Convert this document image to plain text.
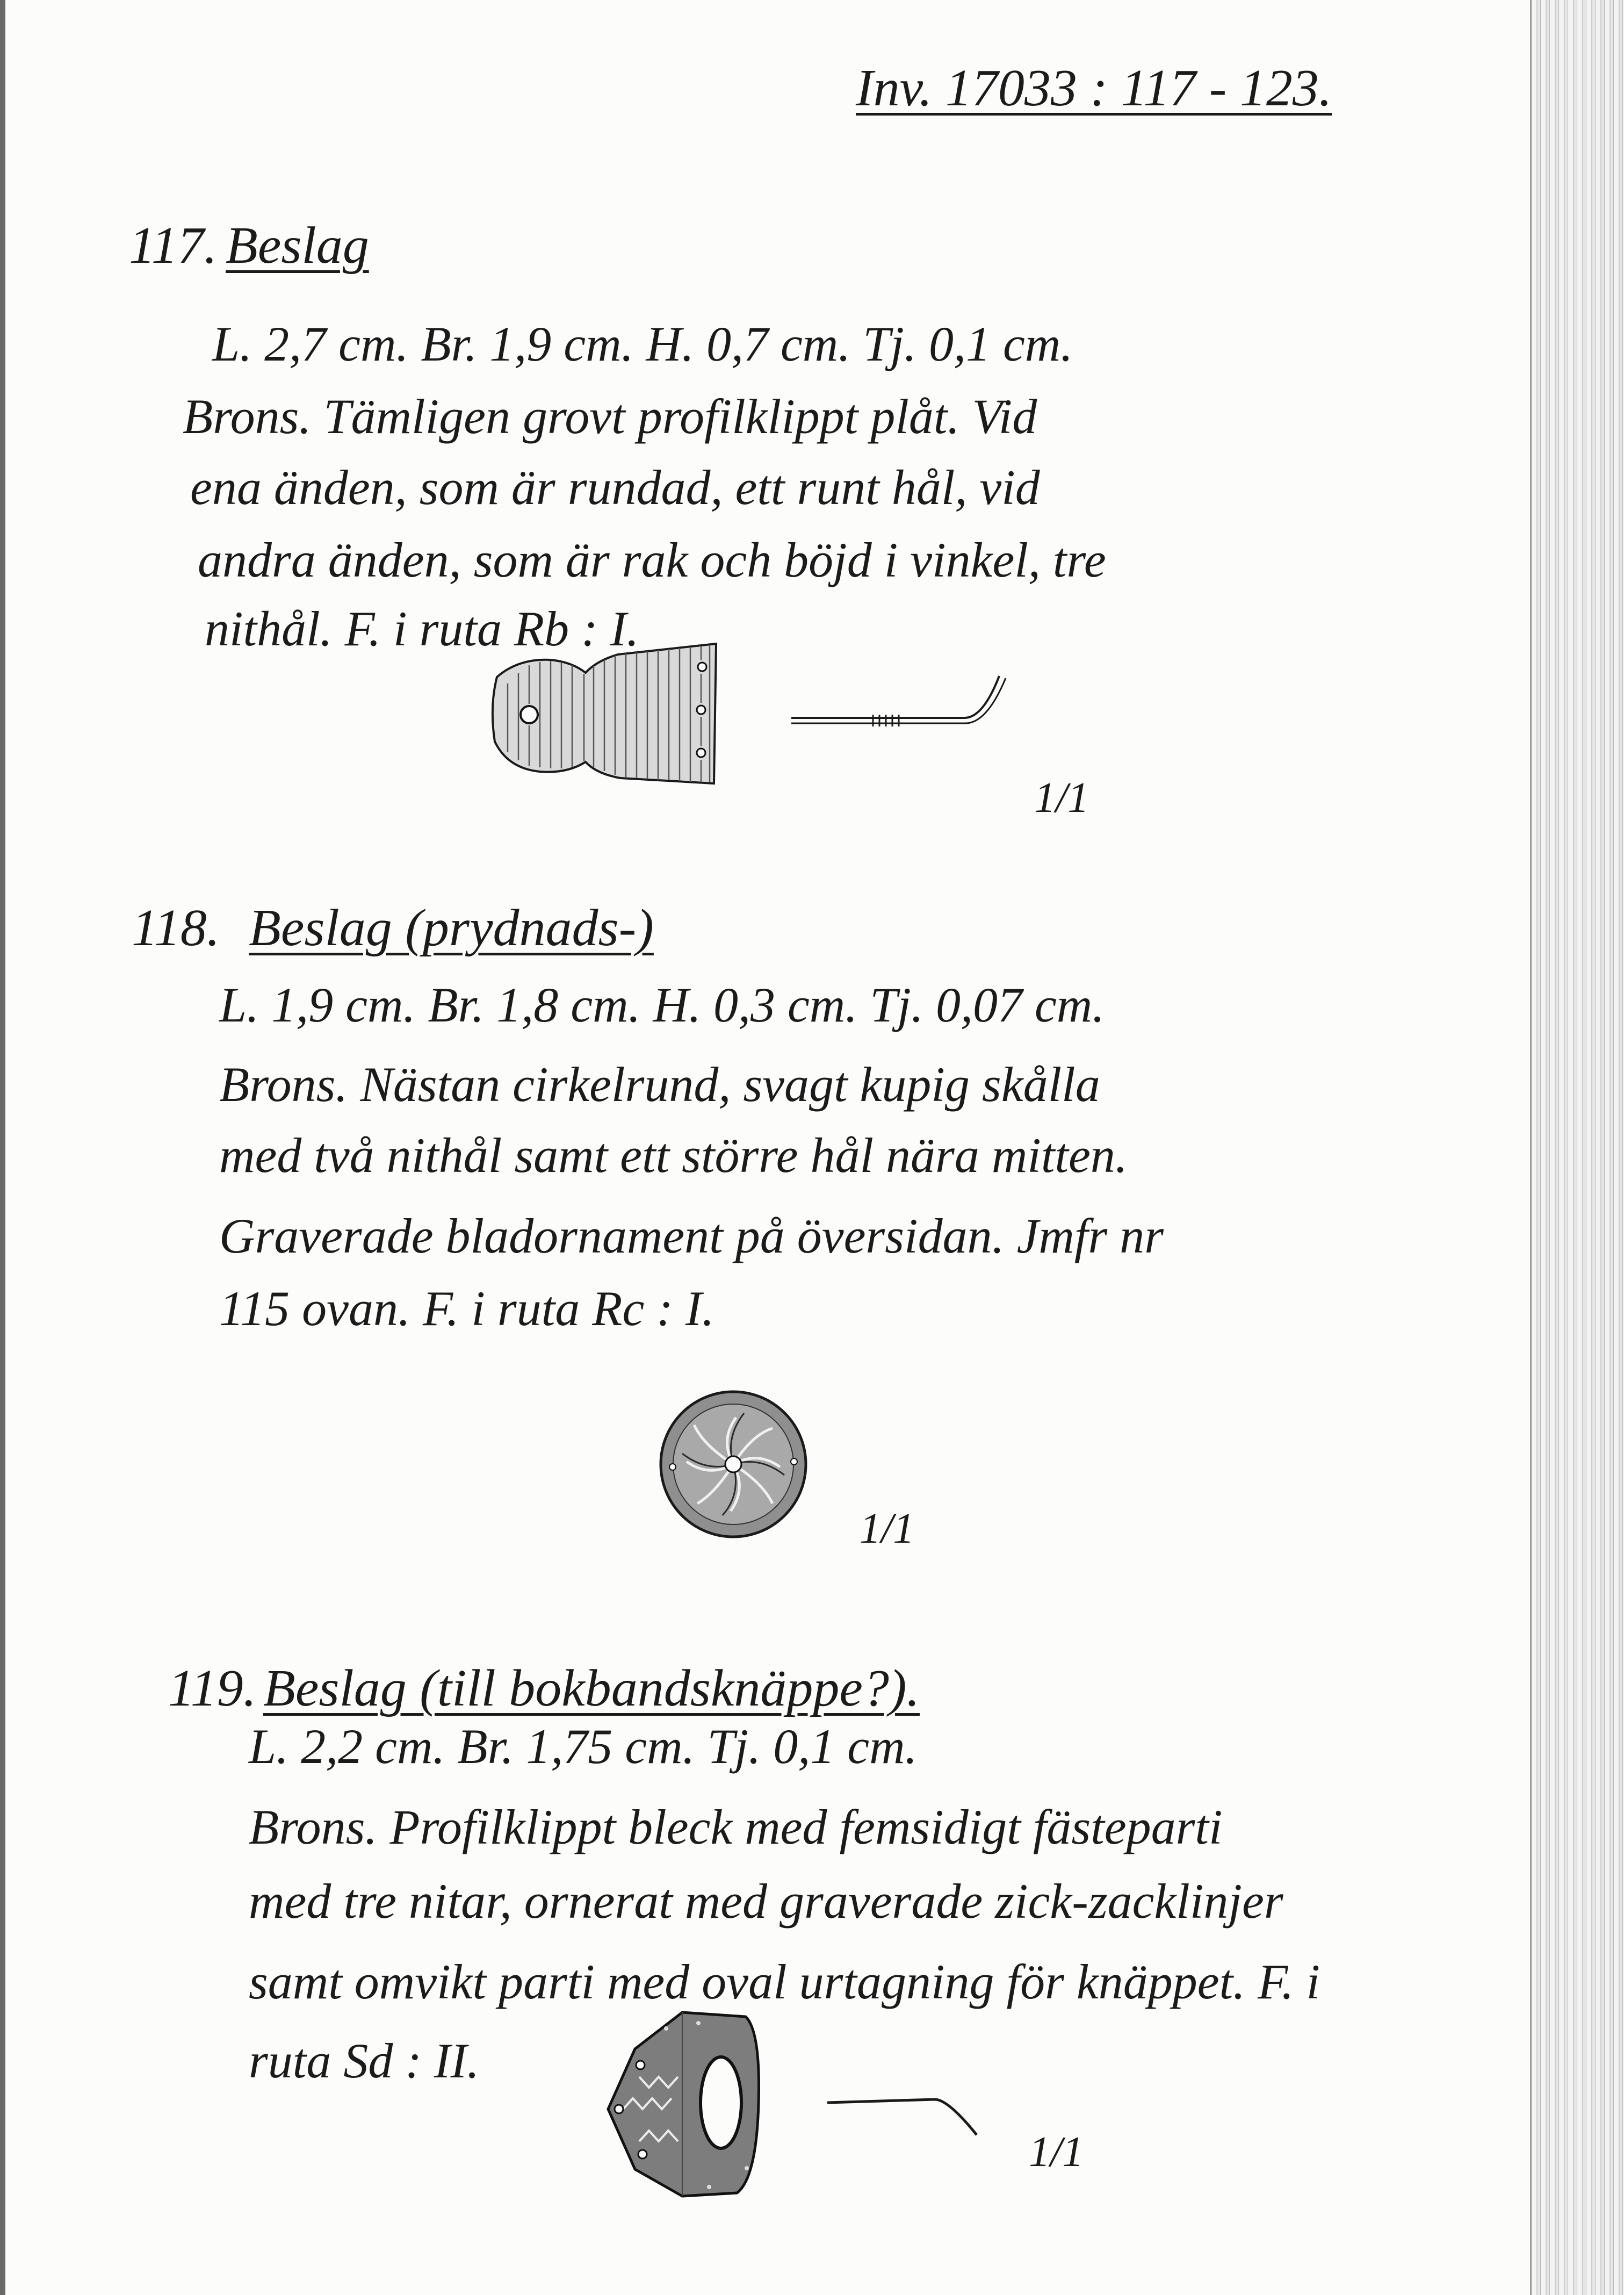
Inv. 17033 : 117 - 123.
117. Beslag
L. 2,7 cm. Br. 1,9 cm. H. 0,7 cm. Tj. 0,1 cm.
Brons. Tämligen grovt profilklippt plåt. Vid
ena änden, som är rundad, ett runt hål, vid
andra änden, som är rak och böjd i vinkel, tre
nithål. F. i ruta Rb : I.
1/1
118. Beslag (prydnads-)
L. 1,9 cm. Br. 1,8 cm. H. 0,3 cm. Tj. 0,07 cm.
Brons. Nästan cirkelrund, svagt kupig skålla
med två nithål samt ett större hål nära mitten.
Graverade bladornament på översidan. Jmfr nr
115 ovan. F. i ruta Rc : I.
1/1
119. Beslag (till bokbandsknäppe?).
L. 2,2 cm. Br. 1,75 cm. Tj. 0,1 cm.
Brons. Profilklippt bleck med femsidigt fästeparti
med tre nitar, ornerat med graverade zick-zacklinjer
samt omvikt parti med oval urtagning för knäppet. F. i
ruta Sd : II.
1/1
